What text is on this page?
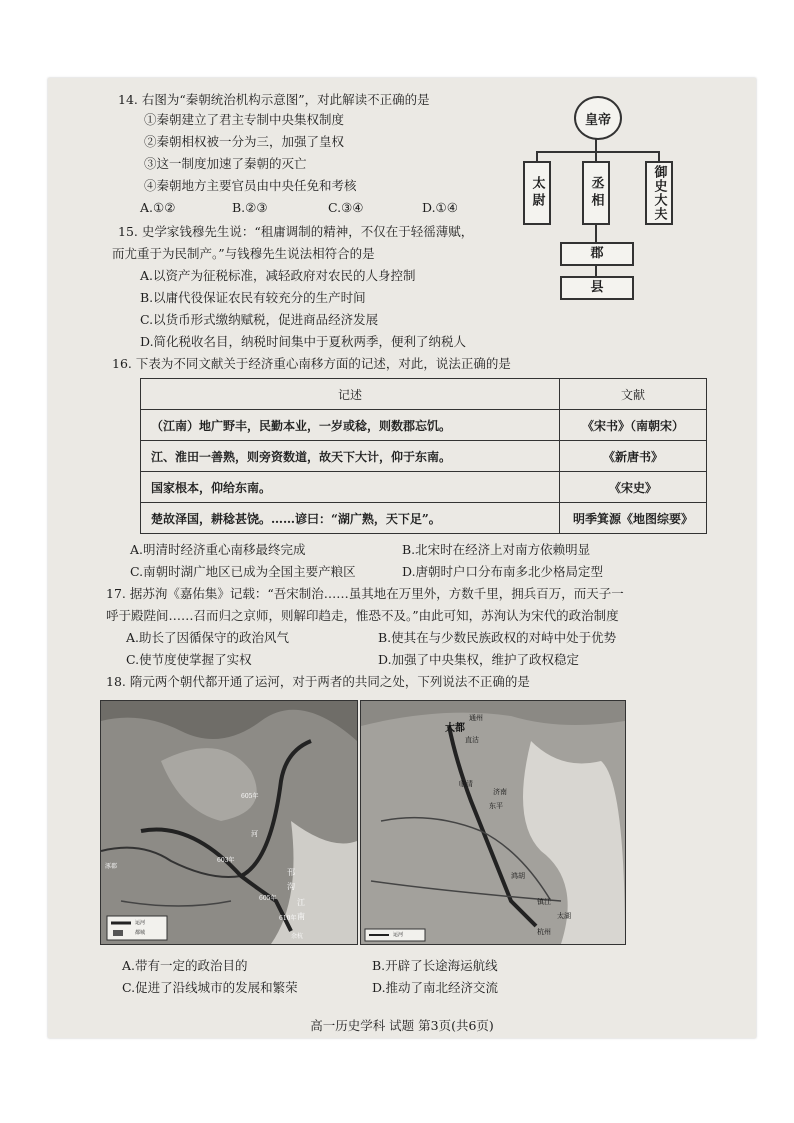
14. 右图为“秦朝统治机构示意图”，对此解读不正确的是
①秦朝建立了君主专制中央集权制度
②秦朝相权被一分为三，加强了皇权
③这一制度加速了秦朝的灭亡
④秦朝地方主要官员由中央任免和考核
A.①②	B.②③	C.③④	D.①④
皇帝
太尉	丞相	御史大夫
郡
县
15. 史学家钱穆先生说：“租庸调制的精神，不仅在于轻徭薄赋，
而尤重于为民制产。”与钱穆先生说法相符合的是
A.以资产为征税标准，减轻政府对农民的人身控制
B.以庸代役保证农民有较充分的生产时间
C.以货币形式缴纳赋税，促进商品经济发展
D.简化税收名目，纳税时间集中于夏秋两季，便利了纳税人
16. 下表为不同文献关于经济重心南移方面的记述，对此，说法正确的是
记述	文献
（江南）地广野丰，民勤本业，一岁或稔，则数郡忘饥。	《宋书》（南朝宋）
江、淮田一善熟，则旁资数道，故天下大计，仰于东南。	《新唐书》
国家根本，仰给东南。	《宋史》
楚故泽国，耕稔甚饶。……谚曰：“湖广熟，天下足”。	明季箕源《地图综要》
A.明清时经济重心南移最终完成	B.北宋时在经济上对南方依赖明显
C.南朝时湖广地区已成为全国主要产粮区	D.唐朝时户口分布南多北少格局定型
17. 据苏洵《嘉佑集》记载：“吾宋制治……虽其地在万里外，方数千里，拥兵百万，而天子一
呼于殿陛间……召而归之京师，则解印趋走，惟恐不及。”由此可知，苏洵认为宋代的政治制度
A.助长了因循保守的政治风气	B.使其在与少数民族政权的对峙中处于优势
C.使节度使掌握了实权	D.加强了中央集权，维护了政权稳定
18. 隋元两个朝代都开通了运河，对于两者的共同之处，下列说法不正确的是
605年
603年
605年
610年
邗
沟
江
南
河
余杭
涿郡
运河
都城
大都
通州
直沽
济南
东平
临清
镇江
杭州
太湖
鸿胡
运河
A.带有一定的政治目的	B.开辟了长途海运航线
C.促进了沿线城市的发展和繁荣	D.推动了南北经济交流
高一历史学科 试题 第3页(共6页)
